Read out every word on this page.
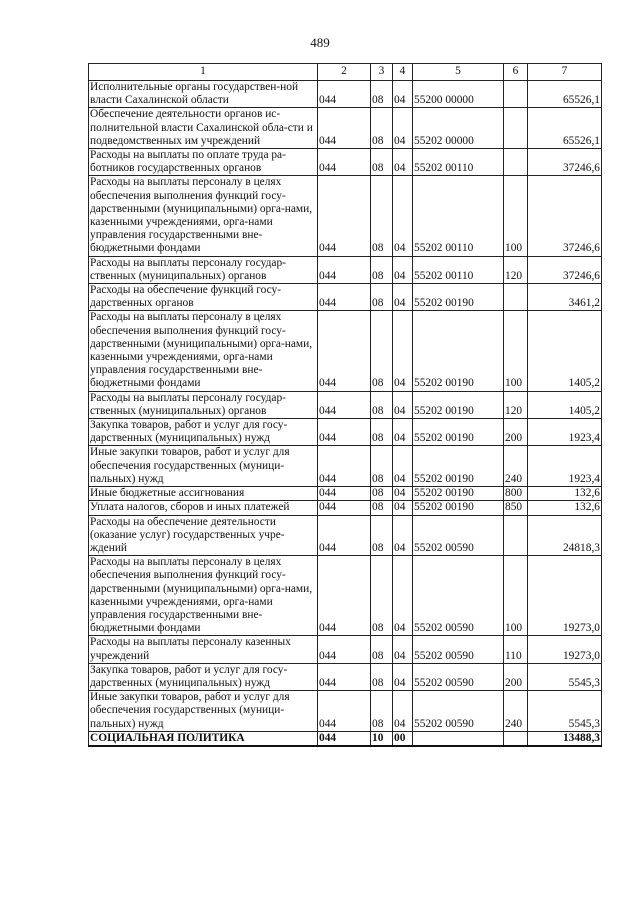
489
1	2	3	4	5	6	7
Исполнительные органы государствен-ной власти Сахалинской области	044	08	04	55200 00000		65526,1
Обеспечение деятельности органов ис-полнительной власти Сахалинской обла-сти и подведомственных им учреждений	044	08	04	55202 00000		65526,1
Расходы на выплаты по оплате труда ра-ботников государственных органов	044	08	04	55202 00110		37246,6
Расходы на выплаты персоналу в целях обеспечения выполнения функций госу-дарственными (муниципальными) орга-нами, казенными учреждениями, орга-нами управления государственными вне-бюджетными фондами	044	08	04	55202 00110	100	37246,6
Расходы на выплаты персоналу государ-ственных (муниципальных) органов	044	08	04	55202 00110	120	37246,6
Расходы на обеспечение функций госу-дарственных органов	044	08	04	55202 00190		3461,2
Расходы на выплаты персоналу в целях обеспечения выполнения функций госу-дарственными (муниципальными) орга-нами, казенными учреждениями, орга-нами управления государственными вне-бюджетными фондами	044	08	04	55202 00190	100	1405,2
Расходы на выплаты персоналу государ-ственных (муниципальных) органов	044	08	04	55202 00190	120	1405,2
Закупка товаров, работ и услуг для госу-дарственных (муниципальных) нужд	044	08	04	55202 00190	200	1923,4
Иные закупки товаров, работ и услуг для обеспечения государственных (муници-пальных) нужд	044	08	04	55202 00190	240	1923,4
Иные бюджетные ассигнования	044	08	04	55202 00190	800	132,6
Уплата налогов, сборов и иных платежей	044	08	04	55202 00190	850	132,6
Расходы на обеспечение деятельности (оказание услуг) государственных учре-ждений	044	08	04	55202 00590		24818,3
Расходы на выплаты персоналу в целях обеспечения выполнения функций госу-дарственными (муниципальными) орга-нами, казенными учреждениями, орга-нами управления государственными вне-бюджетными фондами	044	08	04	55202 00590	100	19273,0
Расходы на выплаты персоналу казенных учреждений	044	08	04	55202 00590	110	19273,0
Закупка товаров, работ и услуг для госу-дарственных (муниципальных) нужд	044	08	04	55202 00590	200	5545,3
Иные закупки товаров, работ и услуг для обеспечения государственных (муници-пальных) нужд	044	08	04	55202 00590	240	5545,3
СОЦИАЛЬНАЯ ПОЛИТИКА	044	10	00			13488,3
